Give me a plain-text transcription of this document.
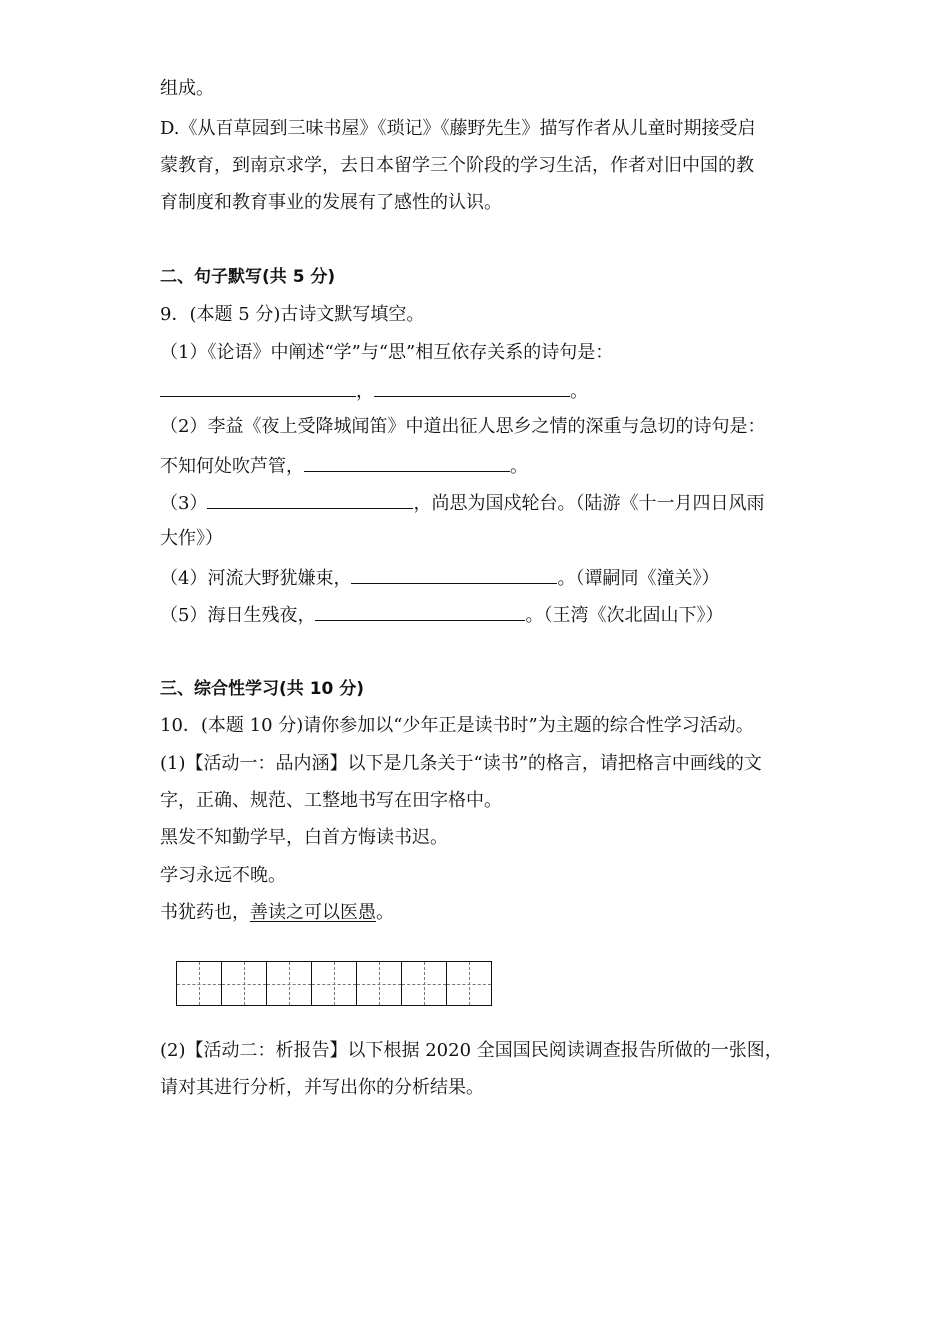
组成。
D.《从百草园到三味书屋》《琐记》《藤野先生》描写作者从儿童时期接受启
蒙教育，到南京求学，去日本留学三个阶段的学习生活，作者对旧中国的教
育制度和教育事业的发展有了感性的认识。
二、句子默写(共 5 分)
9．(本题 5 分)古诗文默写填空。
（1）《论语》中阐述“学”与“思”相互依存关系的诗句是：
，	。
（2）李益《夜上受降城闻笛》中道出征人思乡之情的深重与急切的诗句是：
不知何处吹芦管，	。
（3）	，尚思为国戍轮台。（陆游《十一月四日风雨
大作》）
（4）河流大野犹嫌束，	。（谭嗣同《潼关》）
（5）海日生残夜，	。（王湾《次北固山下》）
三、综合性学习(共 10 分)
10．(本题 10 分)请你参加以“少年正是读书时”为主题的综合性学习活动。
(1)【活动一：品内涵】以下是几条关于“读书”的格言，请把格言中画线的文
字，正确、规范、工整地书写在田字格中。
黑发不知勤学早，白首方悔读书迟。
学习永远不晚。
书犹药也，善读之可以医愚。
(2)【活动二：析报告】以下根据 2020 全国国民阅读调查报告所做的一张图，
请对其进行分析，并写出你的分析结果。
